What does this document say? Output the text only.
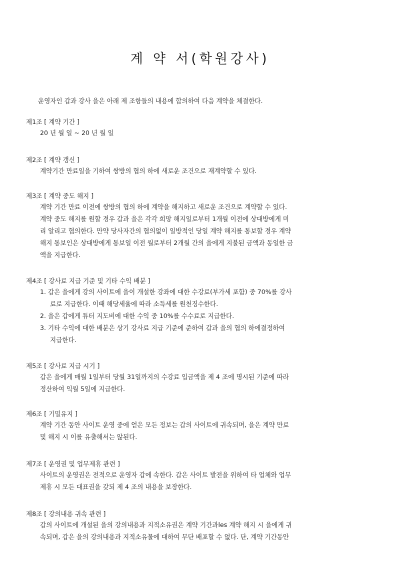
계 약 서(학원강사)
운영자인 갑과 강사 을은 아래 제 조항들의 내용에 합의하여 다음 계약을 체결한다.
제1조 [ 계약 기간 ]
20 년 월 일 ~ 20 년 월 일
제2조 [ 계약 갱신 ]
계약기간 만료일을 기하여 쌍방의 협의 하에 새로운 조건으로 재계약할 수 있다.
제3조 [ 계약 중도 해지 ]
계약 기간 만료 이전에 쌍방의 협의 하에 계약을 해지하고 새로운 조건으로 계약할 수 있다.
계약 중도 해지를 원할 경우 갑과 을은 각각 희망 해지일로부터 1개월 이전에 상대방에게 미
리 알리고 협의한다. 만약 당사자간의 협의없이 일방적인 당일 계약 해지를 통보할 경우 계약
해지 통보인은 상대방에게 통보일 이전 월로부터 2개월 간의 을에게 지불된 금액과 동일한 금
액을 지급한다.
제4조 [ 강사료 지급 기준 및 기타 수익 배분 ]
1. 갑은 을에게 강의 사이트에 을이 개설한 강좌에 대한 수강료(부가세 포함) 중 70%를 강사
료로 지급한다. 이때 해당세율에 따라 소득세를 원천징수한다.
2. 을은 갑에게 튜터 지도비에 대한 수익 중 10%를 수수료로 지급한다.
3. 기타 수익에 대한 배분은 상기 강사료 지급 기준에 준하여 갑과 을의 협의 하에결정하여
지급한다.
제5조 [ 강사료 지급 시기 ]
갑은 을에게 매월 1일부터 당월 31일까지의 수강료 입금액을 제 4 조에 명시된 기준에 따라
정산하여 익월 5일에 지급한다.
제6조 [ 기밀유지 ]
계약 기간 동안 사이트 운영 중에 얻은 모든 정보는 갑의 사이트에 귀속되며, 을은 계약 만료
및 해지 시 이를 유출해서는 않된다.
제7조 [ 운영권 및 업무제휴 관련 ]
사이트의 운영권은 전적으로 운영자 갑에 속한다. 갑은 사이트 발전을 위하여 타 업체와 업무
제휴 시 모든 대표권을 갖되 제 4 조의 내용을 보장한다.
제8조 [ 강의내용 귀속 관련 ]
갑의 사이트에 개설된 을의 강의내용과 지적소유권은 계약 기간과les 계약 해지 시 을에게 귀
속되며, 갑은 을의 강의내용과 지적소유물에 대하여 무단 배포할 수 없다. 단, 계약 기간동안
